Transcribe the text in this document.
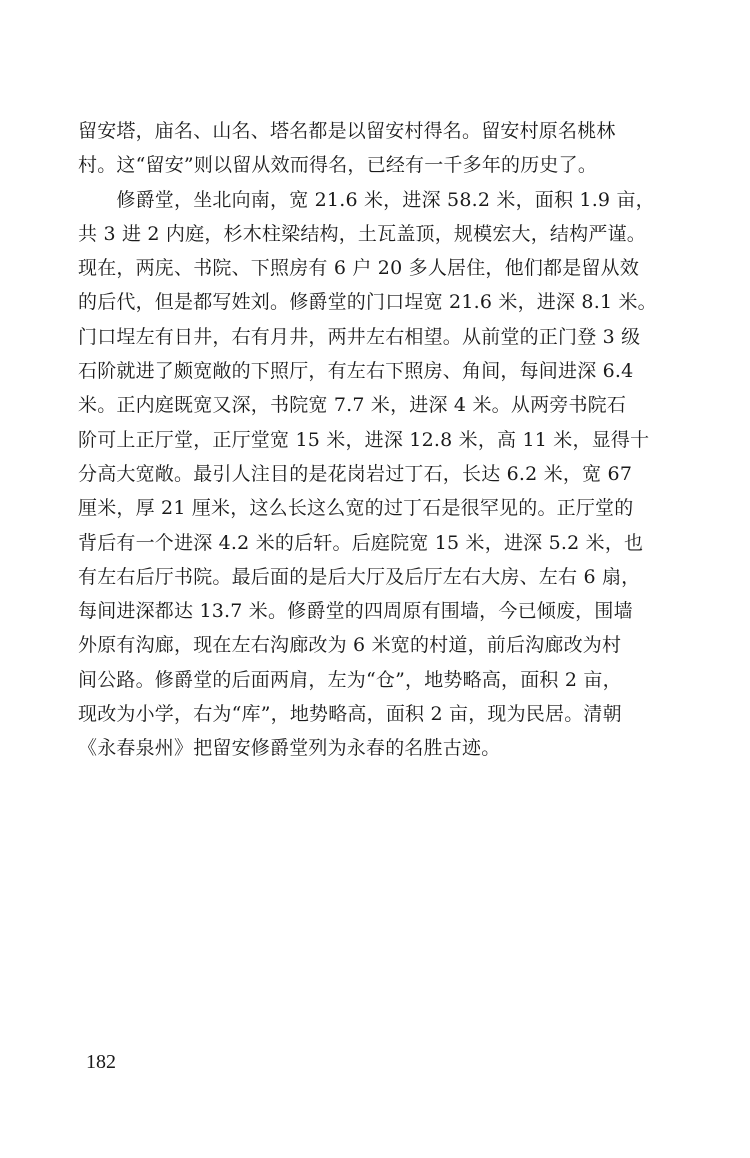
留安塔，庙名、山名、塔名都是以留安村得名。留安村原名桃林
村。这“留安”则以留从效而得名，已经有一千多年的历史了。
　　修爵堂，坐北向南，宽 21.6 米，进深 58.2 米，面积 1.9 亩，
共 3 进 2 内庭，杉木柱梁结构，土瓦盖顶，规模宏大，结构严谨。
现在，两庑、书院、下照房有 6 户 20 多人居住，他们都是留从效
的后代，但是都写姓刘。修爵堂的门口埕宽 21.6 米，进深 8.1 米。
门口埕左有日井，右有月井，两井左右相望。从前堂的正门登 3 级
石阶就进了颇宽敞的下照厅，有左右下照房、角间，每间进深 6.4
米。正内庭既宽又深，书院宽 7.7 米，进深 4 米。从两旁书院石
阶可上正厅堂，正厅堂宽 15 米，进深 12.8 米，高 11 米，显得十
分高大宽敞。最引人注目的是花岗岩过丁石，长达 6.2 米，宽 67
厘米，厚 21 厘米，这么长这么宽的过丁石是很罕见的。正厅堂的
背后有一个进深 4.2 米的后轩。后庭院宽 15 米，进深 5.2 米，也
有左右后厅书院。最后面的是后大厅及后厅左右大房、左右 6 扇，
每间进深都达 13.7 米。修爵堂的四周原有围墙，今已倾废，围墙
外原有沟廊，现在左右沟廊改为 6 米宽的村道，前后沟廊改为村
间公路。修爵堂的后面两肩，左为“仓”，地势略高，面积 2 亩，
现改为小学，右为“库”，地势略高，面积 2 亩，现为民居。清朝
《永春泉州》把留安修爵堂列为永春的名胜古迹。
182
